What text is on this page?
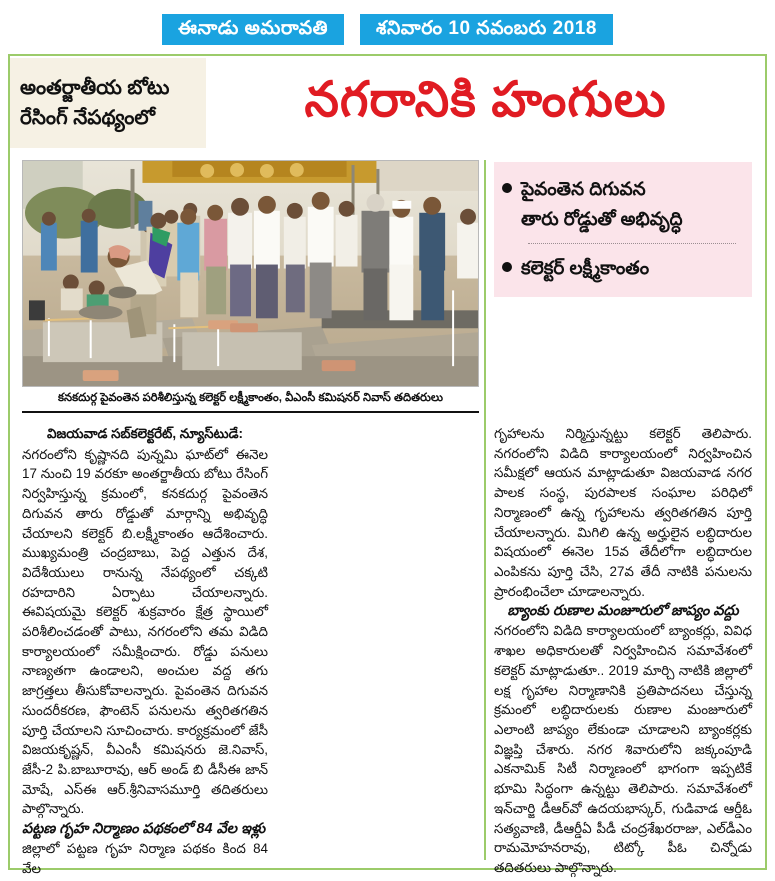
ఈనాడు అమరావతి	శనివారం 10 నవంబరు 2018
అంతర్జాతీయ బోటు
రేసింగ్ నేపథ్యంలో	నగరానికి హంగులు
కనకదుర్గ పైవంతెన పరిశీలిస్తున్న కలెక్టర్ లక్ష్మీకాంతం, వీఎంసీ కమిషనర్ నివాస్ తదితరులు
పైవంతెన దిగువన
తారు రోడ్డుతో అభివృద్ధి
కలెక్టర్ లక్ష్మీకాంతం

విజయవాడ సబ్‌కలెక్టరేట్, న్యూస్‌టుడే:
నగరంలోని కృష్ణానది పున్నమి ఘాట్‌లో ఈనెల 17 నుంచి 19 వరకూ అంతర్జాతీయ బోటు రేసింగ్ నిర్వహిస్తున్న క్రమంలో, కనకదుర్గ పైవంతెన దిగువన తారు రోడ్డుతో మార్గాన్ని అభివృద్ధి చేయాలని కలెక్టర్ బి.లక్ష్మీకాంతం ఆదేశించారు. ముఖ్యమంత్రి చంద్రబాబు, పెద్ద ఎత్తున దేశ, విదేశీయులు రానున్న నేపథ్యంలో చక్కటి రహదారిని ఏర్పాటు చేయాలన్నారు. ఈవిషయమై కలెక్టర్ శుక్రవారం క్షేత్ర స్థాయిలో పరిశీలించడంతో పాటు, నగరంలోని తమ విడిది కార్యాలయంలో సమీక్షించారు. రోడ్డు పనులు నాణ్యతగా ఉండాలని, అంచుల వద్ద తగు జాగ్రత్తలు తీసుకోవాలన్నారు. పైవంతెన దిగువన సుందరీకరణ, ఫౌంటెన్ పనులను త్వరితగతిన పూర్తి చేయాలని సూచించారు. కార్యక్రమంలో జేసీ విజయకృష్ణన్, వీఎంసీ కమిషనరు జె.నివాస్, జేసీ-2 పి.బాబూరావు, ఆర్ అండ్ బి డీసీఈ జాన్ మోషే, ఎస్ఈ ఆర్.శ్రీనివాసమూర్తి తదితరులు పాల్గొన్నారు.

పట్టణ గృహ నిర్మాణం పథకంలో 84 వేల ఇళ్లు

జిల్లాలో పట్టణ గృహ నిర్మాణ పథకం కింద 84 వేల

గృహాలను నిర్మిస్తున్నట్టు కలెక్టర్ తెలిపారు. నగరంలోని విడిది కార్యాలయంలో నిర్వహించిన సమీక్షలో ఆయన మాట్లాడుతూ విజయవాడ నగర పాలక సంస్థ, పురపాలక సంఘాల పరిధిలో నిర్మాణంలో ఉన్న గృహాలను త్వరితగతిన పూర్తి చేయాలన్నారు. మిగిలి ఉన్న అర్హులైన లబ్ధిదారుల విషయంలో ఈనెల 15వ తేదీలోగా లబ్ధిదారుల ఎంపికను పూర్తి చేసి, 27వ తేదీ నాటికి పనులను ప్రారంభించేలా చూడాలన్నారు.

బ్యాంకు రుణాల మంజూరులో జాప్యం వద్దు

నగరంలోని విడిది కార్యాలయంలో బ్యాంకర్లు, వివిధ శాఖల అధికారులతో నిర్వహించిన సమావేశంలో కలెక్టర్ మాట్లాడుతూ.. 2019 మార్చి నాటికి జిల్లాలో లక్ష గృహాల నిర్మాణానికి ప్రతిపాదనలు చేస్తున్న క్రమంలో లబ్ధిదారులకు రుణాల మంజూరులో ఎలాంటి జాప్యం లేకుండా చూడాలని బ్యాంకర్లకు విజ్ఞప్తి చేశారు. నగర శివారులోని జక్కంపూడి ఎకనామిక్ సిటీ నిర్మాణంలో భాగంగా ఇప్పటికే భూమి సిద్ధంగా ఉన్నట్టు తెలిపారు. సమావేశంలో ఇన్‌చార్జి డీఆర్‌వో ఉదయభాస్కర్, గుడివాడ ఆర్డీఓ సత్యవాణి, డీఆర్డీఏ పీడీ చంద్రశేఖరరాజు, ఎల్‌డీఎం రామమోహనరావు, టిట్కో పీఓ చిన్నోడు తదితరులు పాల్గొన్నారు.
